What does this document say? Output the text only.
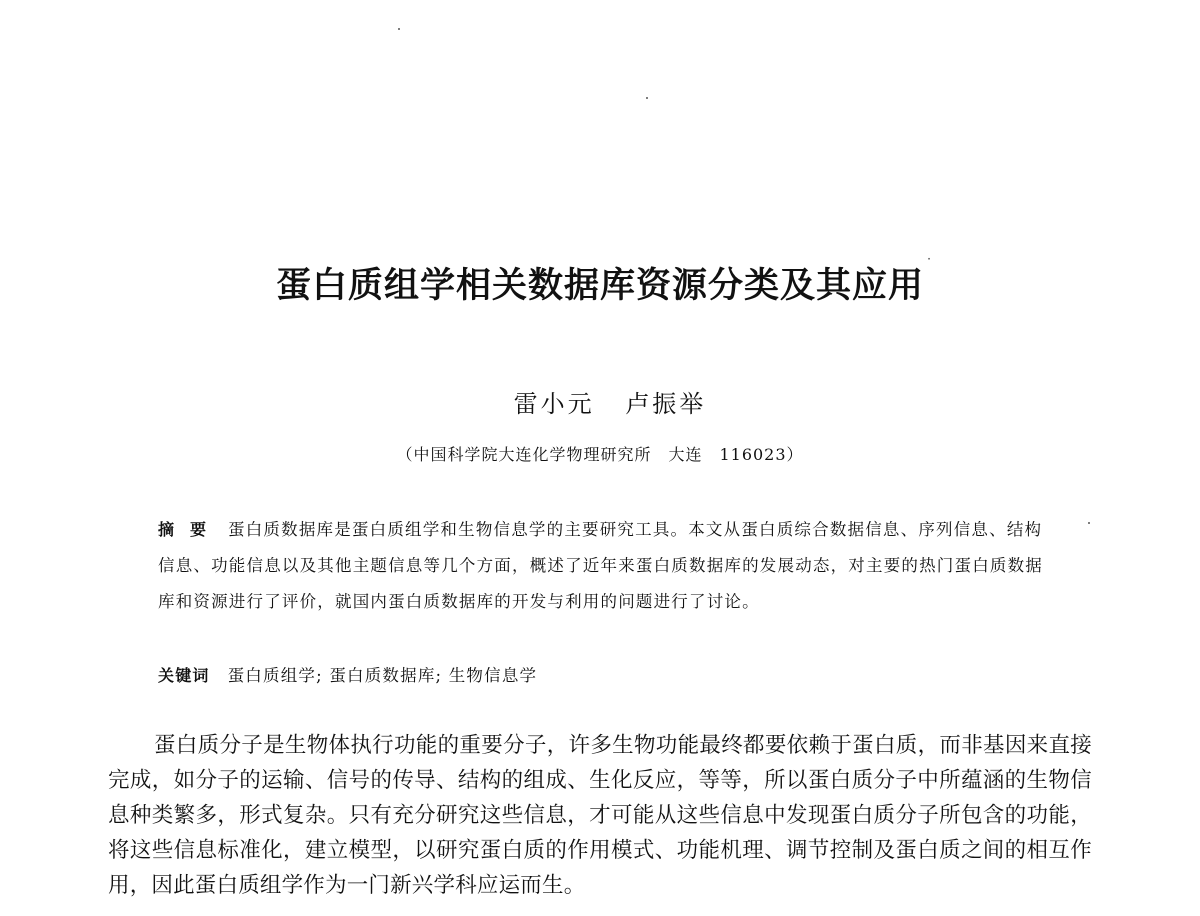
蛋白质组学相关数据库资源分类及其应用
·
雷小元 卢振举
（中国科学院大连化学物理研究所　大连　116023）
摘要 蛋白质数据库是蛋白质组学和生物信息学的主要研究工具。本文从蛋白质综合数据信息、序列信息、结构信息、功能信息以及其他主题信息等几个方面，概述了近年来蛋白质数据库的发展动态，对主要的热门蛋白质数据库和资源进行了评价，就国内蛋白质数据库的开发与利用的问题进行了讨论。
关键词 蛋白质组学; 蛋白质数据库; 生物信息学
蛋白质分子是生物体执行功能的重要分子，许多生物功能最终都要依赖于蛋白质，而非基因来直接完成，如分子的运输、信号的传导、结构的组成、生化反应，等等，所以蛋白质分子中所蕴涵的生物信息种类繁多，形式复杂。只有充分研究这些信息，才可能从这些信息中发现蛋白质分子所包含的功能，将这些信息标准化，建立模型，以研究蛋白质的作用模式、功能机理、调节控制及蛋白质之间的相互作用，因此蛋白质组学作为一门新兴学科应运而生。
